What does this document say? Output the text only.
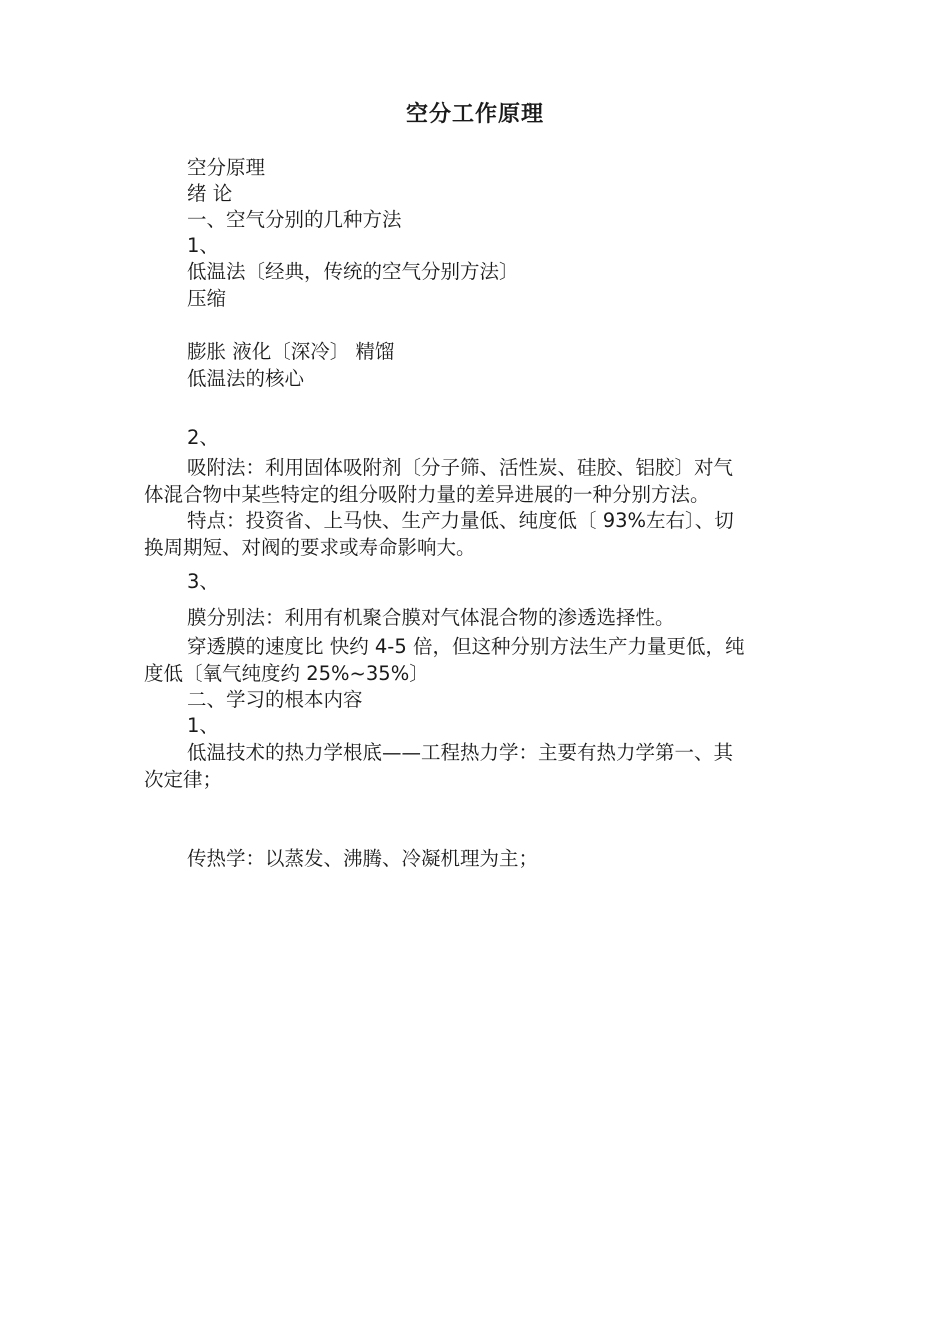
空分工作原理
空分原理
绪 论
一、空气分别的几种方法
1、
低温法〔经典，传统的空气分别方法〕
压缩
膨胀 液化〔深冷〕 精馏
低温法的核心
2、
吸附法：利用固体吸附剂〔分子筛、活性炭、硅胶、铝胶〕对气
体混合物中某些特定的组分吸附力量的差异进展的一种分别方法。
特点：投资省、上马快、生产力量低、纯度低〔 93%左右〕、切
换周期短、对阀的要求或寿命影响大。
3、
膜分别法：利用有机聚合膜对气体混合物的渗透选择性。
穿透膜的速度比 快约 4-5 倍，但这种分别方法生产力量更低，纯
度低〔氧气纯度约 25%~35%〕
二、学习的根本内容
1、
低温技术的热力学根底——工程热力学：主要有热力学第一、其
次定律；
传热学：以蒸发、沸腾、冷凝机理为主；
